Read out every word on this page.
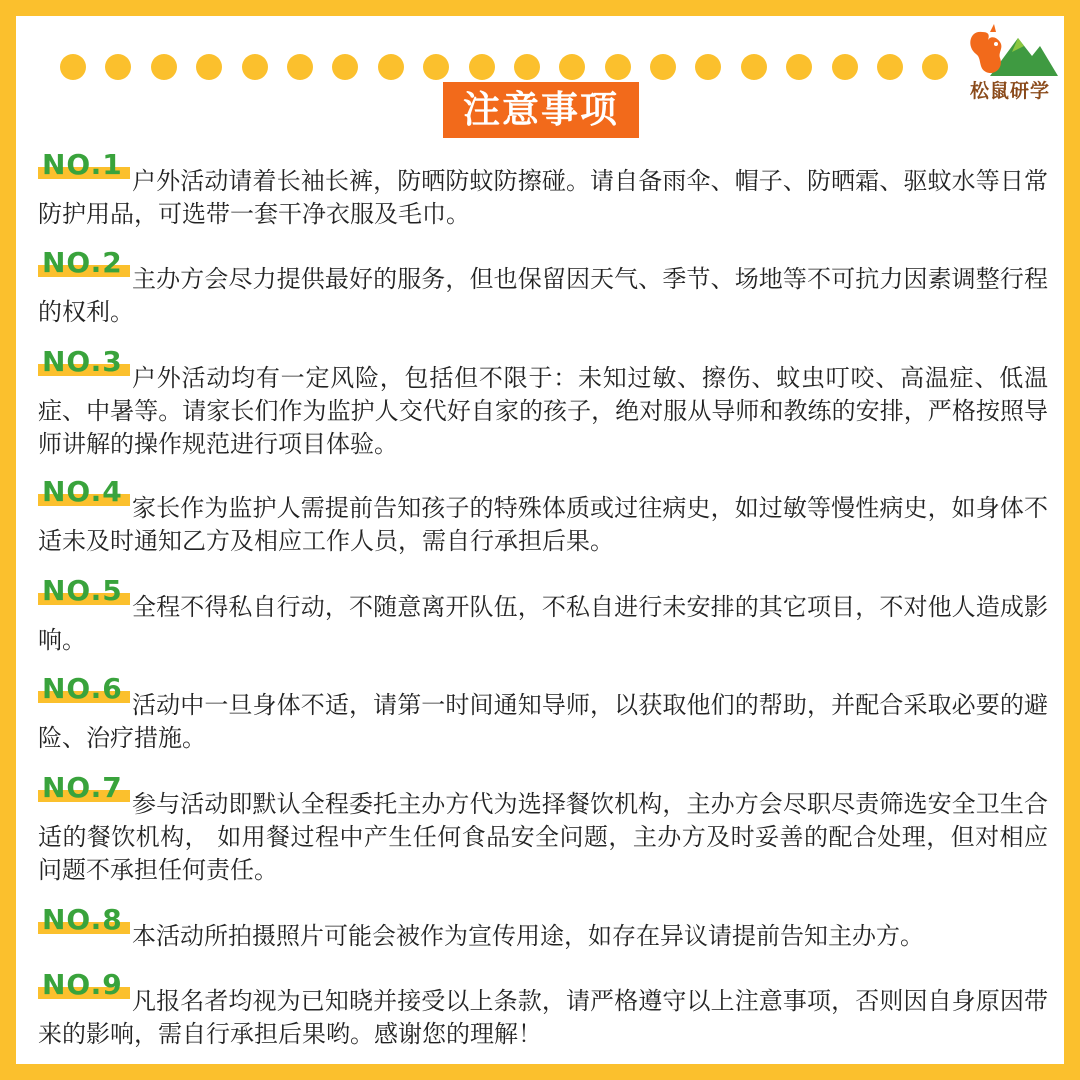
松鼠研学
注意事项
NO.1 户外活动请着长袖长裤，防晒防蚊防擦碰。请自备雨伞、帽子、防晒霜、驱蚊水等日常防护用品，可选带一套干净衣服及毛巾。

NO.2 主办方会尽力提供最好的服务，但也保留因天气、季节、场地等不可抗力因素调整行程的权利。

NO.3 户外活动均有一定风险，包括但不限于：未知过敏、擦伤、蚊虫叮咬、高温症、低温症、中暑等。请家长们作为监护人交代好自家的孩子，绝对服从导师和教练的安排，严格按照导师讲解的操作规范进行项目体验。

NO.4 家长作为监护人需提前告知孩子的特殊体质或过往病史，如过敏等慢性病史，如身体不适未及时通知乙方及相应工作人员，需自行承担后果。

NO.5 全程不得私自行动，不随意离开队伍，不私自进行未安排的其它项目，不对他人造成影响。

NO.6 活动中一旦身体不适，请第一时间通知导师，以获取他们的帮助，并配合采取必要的避险、治疗措施。

NO.7 参与活动即默认全程委托主办方代为选择餐饮机构，主办方会尽职尽责筛选安全卫生合适的餐饮机构， 如用餐过程中产生任何食品安全问题，主办方及时妥善的配合处理，但对相应问题不承担任何责任。

NO.8 本活动所拍摄照片可能会被作为宣传用途，如存在异议请提前告知主办方。

NO.9 凡报名者均视为已知晓并接受以上条款，请严格遵守以上注意事项，否则因自身原因带来的影响，需自行承担后果哟。感谢您的理解！
